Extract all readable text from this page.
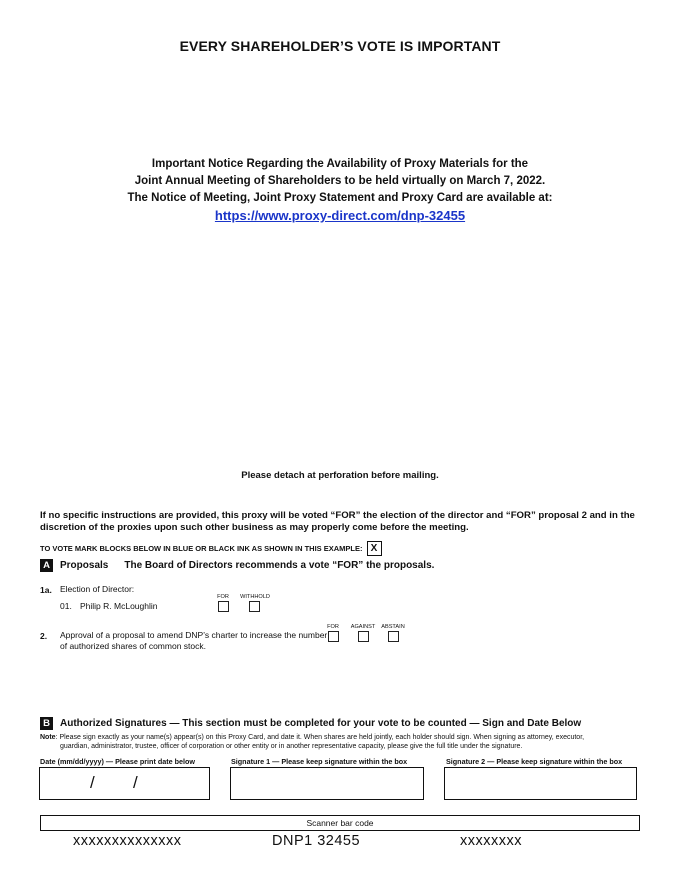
EVERY SHAREHOLDER’S VOTE IS IMPORTANT
Important Notice Regarding the Availability of Proxy Materials for the
Joint Annual Meeting of Shareholders to be held virtually on March 7, 2022.
The Notice of Meeting, Joint Proxy Statement and Proxy Card are available at:
https://www.proxy-direct.com/dnp-32455
Please detach at perforation before mailing.
If no specific instructions are provided, this proxy will be voted “FOR” the election of the director and “FOR” proposal 2 and in the discretion of the proxies upon such other business as may properly come before the meeting.
TO VOTE MARK BLOCKS BELOW IN BLUE OR BLACK INK AS SHOWN IN THIS EXAMPLE: X
A	Proposals The Board of Directors recommends a vote “FOR” the proposals.
1a. Election of Director:
01. Philip R. McLoughlin
FOR	WITHHOLD
2. Approval of a proposal to amend DNP’s charter to increase the number
of authorized shares of common stock.
FOR	AGAINST	ABSTAIN
B	Authorized Signatures — This section must be completed for your vote to be counted — Sign and Date Below
Note: Please sign exactly as your name(s) appear(s) on this Proxy Card, and date it. When shares are held jointly, each holder should sign. When signing as attorney, executor,
guardian, administrator, trustee, officer of corporation or other entity or in another representative capacity, please give the full title under the signature.
Date (mm/dd/yyyy) — Please print date below	Signature 1 — Please keep signature within the box	Signature 2 — Please keep signature within the box
/ /
Scanner bar code
xxxxxxxxxxxxxx	DNP1 32455	xxxxxxxx
